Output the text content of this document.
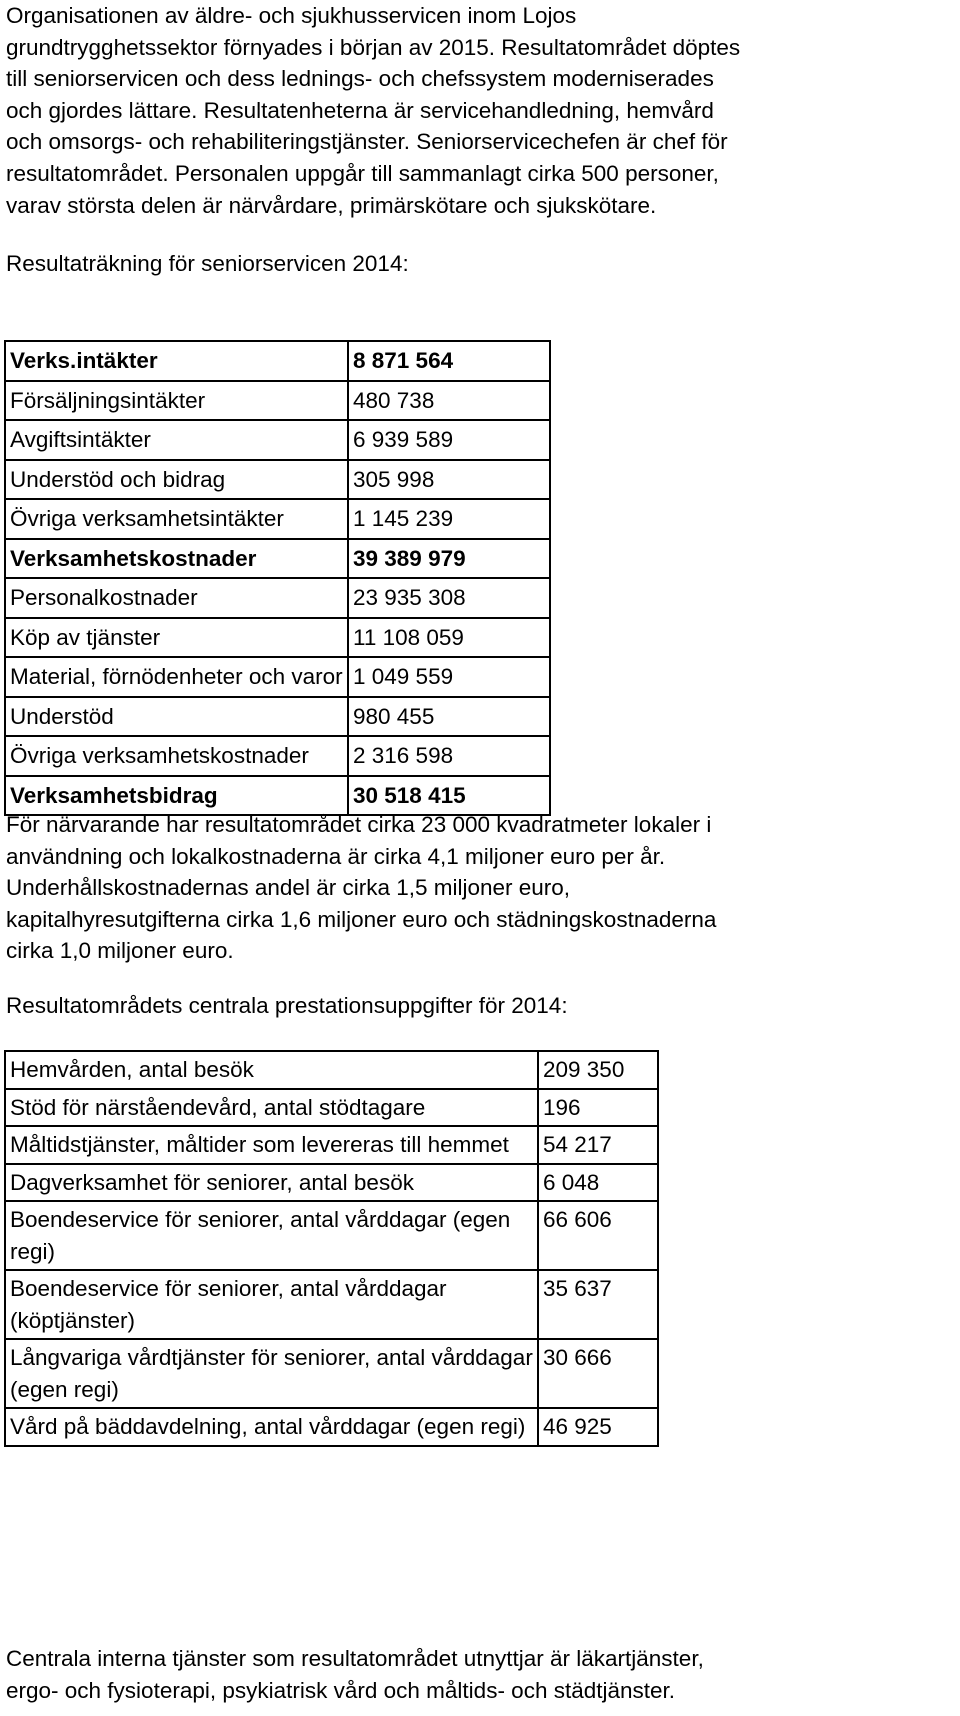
Organisationen av äldre- och sjukhusservicen inom Lojos

grundtrygghetssektor förnyades i början av 2015. Resultatområdet döptes

till seniorservicen och dess lednings- och chefssystem moderniserades

och gjordes lättare. Resultatenheterna är servicehandledning, hemvård

och omsorgs- och rehabiliteringstjänster. Seniorservicechefen är chef för

resultatområdet. Personalen uppgår till sammanlagt cirka 500 personer,

varav största delen är närvårdare, primärskötare och sjukskötare.

Resultaträkning för seniorservicen 2014:
Verks.intäkter	8 871 564
Försäljningsintäkter	480 738
Avgiftsintäkter	6 939 589
Understöd och bidrag	305 998
Övriga verksamhetsintäkter	1 145 239
Verksamhetskostnader	39 389 979
Personalkostnader	23 935 308
Köp av tjänster	11 108 059
Material, förnödenheter och varor	1 049 559
Understöd	980 455
Övriga verksamhetskostnader	2 316 598
Verksamhetsbidrag	30 518 415

För närvarande har resultatområdet cirka 23 000 kvadratmeter lokaler i

användning och lokalkostnaderna är cirka 4,1 miljoner euro per år.

Underhållskostnadernas andel är cirka 1,5 miljoner euro,

kapitalhyresutgifterna cirka 1,6 miljoner euro och städningskostnaderna

cirka 1,0 miljoner euro.

Resultatområdets centrala prestationsuppgifter för 2014:
Hemvården, antal besök	209 350
Stöd för närståendevård, antal stödtagare	196
Måltidstjänster, måltider som levereras till hemmet	54 217
Dagverksamhet för seniorer, antal besök	6 048
Boendeservice för seniorer, antal vårddagar (egen regi)	66 606
Boendeservice för seniorer, antal vårddagar (köptjänster)	35 637
Långvariga vårdtjänster för seniorer, antal vårddagar (egen regi)	30 666
Vård på bäddavdelning, antal vårddagar (egen regi)	46 925

Centrala interna tjänster som resultatområdet utnyttjar är läkartjänster,

ergo- och fysioterapi, psykiatrisk vård och måltids- och städtjänster.
